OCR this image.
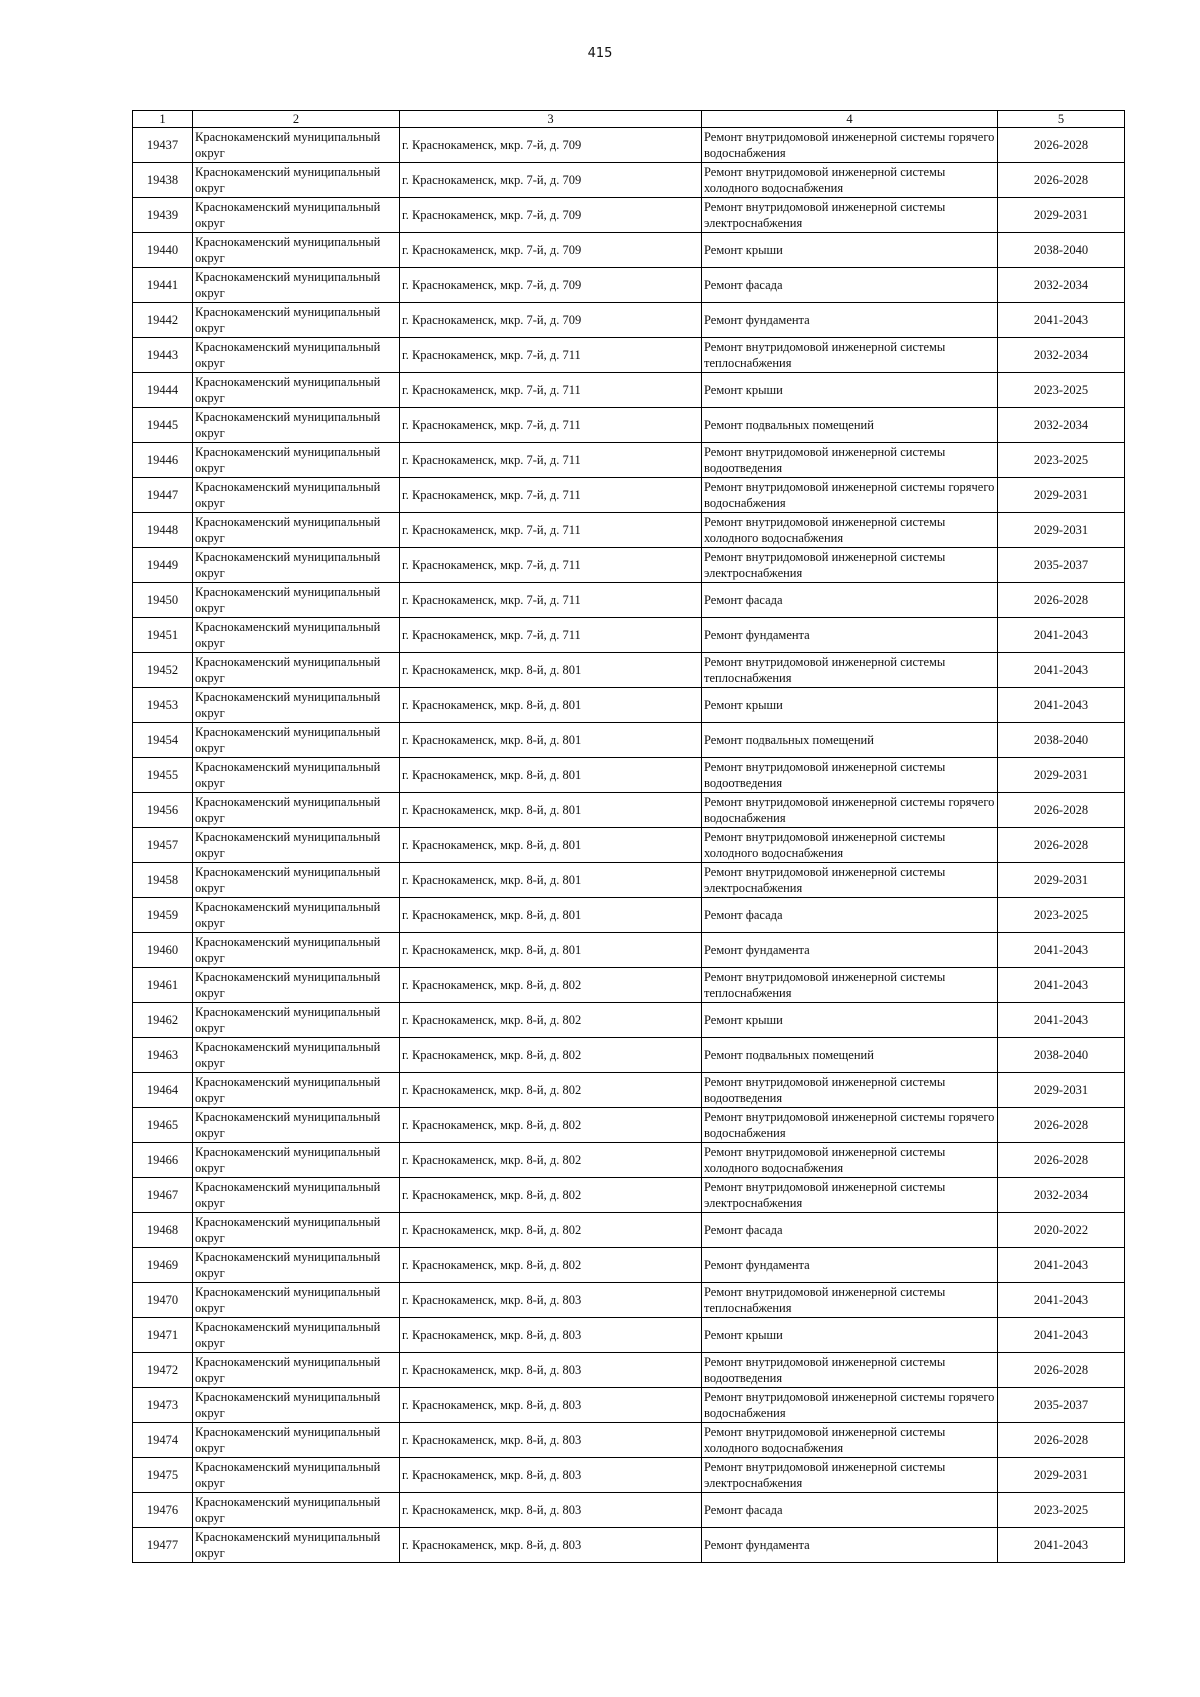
415
1	2	3	4	5
19437	Краснокаменский муниципальный округ	г. Краснокаменск, мкр. 7-й, д. 709	Ремонт внутридомовой инженерной системы горячего водоснабжения	2026-2028
19438	Краснокаменский муниципальный округ	г. Краснокаменск, мкр. 7-й, д. 709	Ремонт внутридомовой инженерной системы холодного водоснабжения	2026-2028
19439	Краснокаменский муниципальный округ	г. Краснокаменск, мкр. 7-й, д. 709	Ремонт внутридомовой инженерной системы электроснабжения	2029-2031
19440	Краснокаменский муниципальный округ	г. Краснокаменск, мкр. 7-й, д. 709	Ремонт крыши	2038-2040
19441	Краснокаменский муниципальный округ	г. Краснокаменск, мкр. 7-й, д. 709	Ремонт фасада	2032-2034
19442	Краснокаменский муниципальный округ	г. Краснокаменск, мкр. 7-й, д. 709	Ремонт фундамента	2041-2043
19443	Краснокаменский муниципальный округ	г. Краснокаменск, мкр. 7-й, д. 711	Ремонт внутридомовой инженерной системы теплоснабжения	2032-2034
19444	Краснокаменский муниципальный округ	г. Краснокаменск, мкр. 7-й, д. 711	Ремонт крыши	2023-2025
19445	Краснокаменский муниципальный округ	г. Краснокаменск, мкр. 7-й, д. 711	Ремонт подвальных помещений	2032-2034
19446	Краснокаменский муниципальный округ	г. Краснокаменск, мкр. 7-й, д. 711	Ремонт внутридомовой инженерной системы водоотведения	2023-2025
19447	Краснокаменский муниципальный округ	г. Краснокаменск, мкр. 7-й, д. 711	Ремонт внутридомовой инженерной системы горячего водоснабжения	2029-2031
19448	Краснокаменский муниципальный округ	г. Краснокаменск, мкр. 7-й, д. 711	Ремонт внутридомовой инженерной системы холодного водоснабжения	2029-2031
19449	Краснокаменский муниципальный округ	г. Краснокаменск, мкр. 7-й, д. 711	Ремонт внутридомовой инженерной системы электроснабжения	2035-2037
19450	Краснокаменский муниципальный округ	г. Краснокаменск, мкр. 7-й, д. 711	Ремонт фасада	2026-2028
19451	Краснокаменский муниципальный округ	г. Краснокаменск, мкр. 7-й, д. 711	Ремонт фундамента	2041-2043
19452	Краснокаменский муниципальный округ	г. Краснокаменск, мкр. 8-й, д. 801	Ремонт внутридомовой инженерной системы теплоснабжения	2041-2043
19453	Краснокаменский муниципальный округ	г. Краснокаменск, мкр. 8-й, д. 801	Ремонт крыши	2041-2043
19454	Краснокаменский муниципальный округ	г. Краснокаменск, мкр. 8-й, д. 801	Ремонт подвальных помещений	2038-2040
19455	Краснокаменский муниципальный округ	г. Краснокаменск, мкр. 8-й, д. 801	Ремонт внутридомовой инженерной системы водоотведения	2029-2031
19456	Краснокаменский муниципальный округ	г. Краснокаменск, мкр. 8-й, д. 801	Ремонт внутридомовой инженерной системы горячего водоснабжения	2026-2028
19457	Краснокаменский муниципальный округ	г. Краснокаменск, мкр. 8-й, д. 801	Ремонт внутридомовой инженерной системы холодного водоснабжения	2026-2028
19458	Краснокаменский муниципальный округ	г. Краснокаменск, мкр. 8-й, д. 801	Ремонт внутридомовой инженерной системы электроснабжения	2029-2031
19459	Краснокаменский муниципальный округ	г. Краснокаменск, мкр. 8-й, д. 801	Ремонт фасада	2023-2025
19460	Краснокаменский муниципальный округ	г. Краснокаменск, мкр. 8-й, д. 801	Ремонт фундамента	2041-2043
19461	Краснокаменский муниципальный округ	г. Краснокаменск, мкр. 8-й, д. 802	Ремонт внутридомовой инженерной системы теплоснабжения	2041-2043
19462	Краснокаменский муниципальный округ	г. Краснокаменск, мкр. 8-й, д. 802	Ремонт крыши	2041-2043
19463	Краснокаменский муниципальный округ	г. Краснокаменск, мкр. 8-й, д. 802	Ремонт подвальных помещений	2038-2040
19464	Краснокаменский муниципальный округ	г. Краснокаменск, мкр. 8-й, д. 802	Ремонт внутридомовой инженерной системы водоотведения	2029-2031
19465	Краснокаменский муниципальный округ	г. Краснокаменск, мкр. 8-й, д. 802	Ремонт внутридомовой инженерной системы горячего водоснабжения	2026-2028
19466	Краснокаменский муниципальный округ	г. Краснокаменск, мкр. 8-й, д. 802	Ремонт внутридомовой инженерной системы холодного водоснабжения	2026-2028
19467	Краснокаменский муниципальный округ	г. Краснокаменск, мкр. 8-й, д. 802	Ремонт внутридомовой инженерной системы электроснабжения	2032-2034
19468	Краснокаменский муниципальный округ	г. Краснокаменск, мкр. 8-й, д. 802	Ремонт фасада	2020-2022
19469	Краснокаменский муниципальный округ	г. Краснокаменск, мкр. 8-й, д. 802	Ремонт фундамента	2041-2043
19470	Краснокаменский муниципальный округ	г. Краснокаменск, мкр. 8-й, д. 803	Ремонт внутридомовой инженерной системы теплоснабжения	2041-2043
19471	Краснокаменский муниципальный округ	г. Краснокаменск, мкр. 8-й, д. 803	Ремонт крыши	2041-2043
19472	Краснокаменский муниципальный округ	г. Краснокаменск, мкр. 8-й, д. 803	Ремонт внутридомовой инженерной системы водоотведения	2026-2028
19473	Краснокаменский муниципальный округ	г. Краснокаменск, мкр. 8-й, д. 803	Ремонт внутридомовой инженерной системы горячего водоснабжения	2035-2037
19474	Краснокаменский муниципальный округ	г. Краснокаменск, мкр. 8-й, д. 803	Ремонт внутридомовой инженерной системы холодного водоснабжения	2026-2028
19475	Краснокаменский муниципальный округ	г. Краснокаменск, мкр. 8-й, д. 803	Ремонт внутридомовой инженерной системы электроснабжения	2029-2031
19476	Краснокаменский муниципальный округ	г. Краснокаменск, мкр. 8-й, д. 803	Ремонт фасада	2023-2025
19477	Краснокаменский муниципальный округ	г. Краснокаменск, мкр. 8-й, д. 803	Ремонт фундамента	2041-2043
